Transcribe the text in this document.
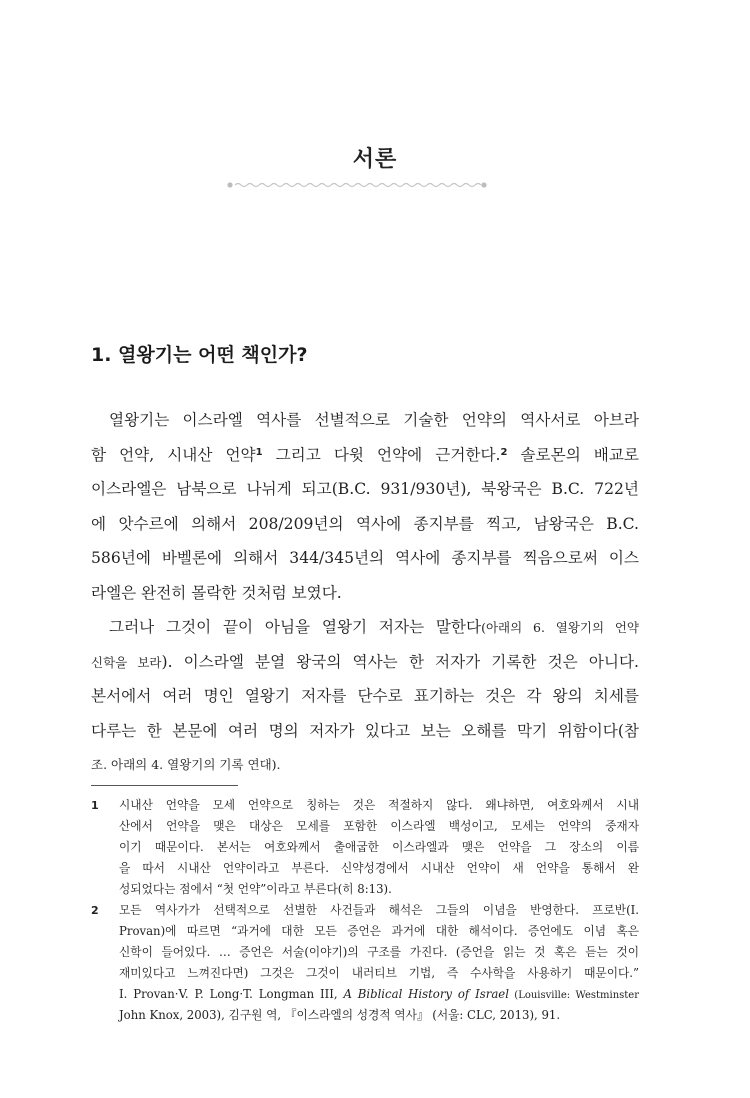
서론
1. 열왕기는 어떤 책인가?
열왕기는 이스라엘 역사를 선별적으로 기술한 언약의 역사서로 아브라
함 언약, 시내산 언약$^1$ 그리고 다윗 언약에 근거한다.$^2$ 솔로몬의 배교로
이스라엘은 남북으로 나뉘게 되고(B.C. 931/930년), 북왕국은 B.C. 722년
에 앗수르에 의해서 208/209년의 역사에 종지부를 찍고, 남왕국은 B.C.
586년에 바벨론에 의해서 344/345년의 역사에 종지부를 찍음으로써 이스
라엘은 완전히 몰락한 것처럼 보였다.
그러나 그것이 끝이 아님을 열왕기 저자는 말한다(아래의 6. 열왕기의 언약
신학을 보라). 이스라엘 분열 왕국의 역사는 한 저자가 기록한 것은 아니다.
본서에서 여러 명인 열왕기 저자를 단수로 표기하는 것은 각 왕의 치세를
다루는 한 본문에 여러 명의 저자가 있다고 보는 오해를 막기 위함이다(참
조. 아래의 4. 열왕기의 기록 연대).
1 시내산 언약을 모세 언약으로 칭하는 것은 적절하지 않다. 왜냐하면, 여호와께서 시내
산에서 언약을 맺은 대상은 모세를 포함한 이스라엘 백성이고, 모세는 언약의 중재자
이기 때문이다. 본서는 여호와께서 출애굽한 이스라엘과 맺은 언약을 그 장소의 이름
을 따서 시내산 언약이라고 부른다. 신약성경에서 시내산 언약이 새 언약을 통해서 완
성되었다는 점에서 “첫 언약”이라고 부른다(히 8:13).
2 모든 역사가가 선택적으로 선별한 사건들과 해석은 그들의 이념을 반영한다. 프로반(I.
Provan)에 따르면 “과거에 대한 모든 증언은 과거에 대한 해석이다. 증언에도 이념 혹은
신학이 들어있다. … 증언은 서술(이야기)의 구조를 가진다. (증언을 읽는 것 혹은 듣는 것이
재미있다고 느껴진다면) 그것은 그것이 내러티브 기법, 즉 수사학을 사용하기 때문이다.”
I. Provan·V. P. Long·T. Longman III, A Biblical History of Israel (Louisville: Westminster
John Knox, 2003), 김구원 역, 『이스라엘의 성경적 역사』 (서울: CLC, 2013), 91.
